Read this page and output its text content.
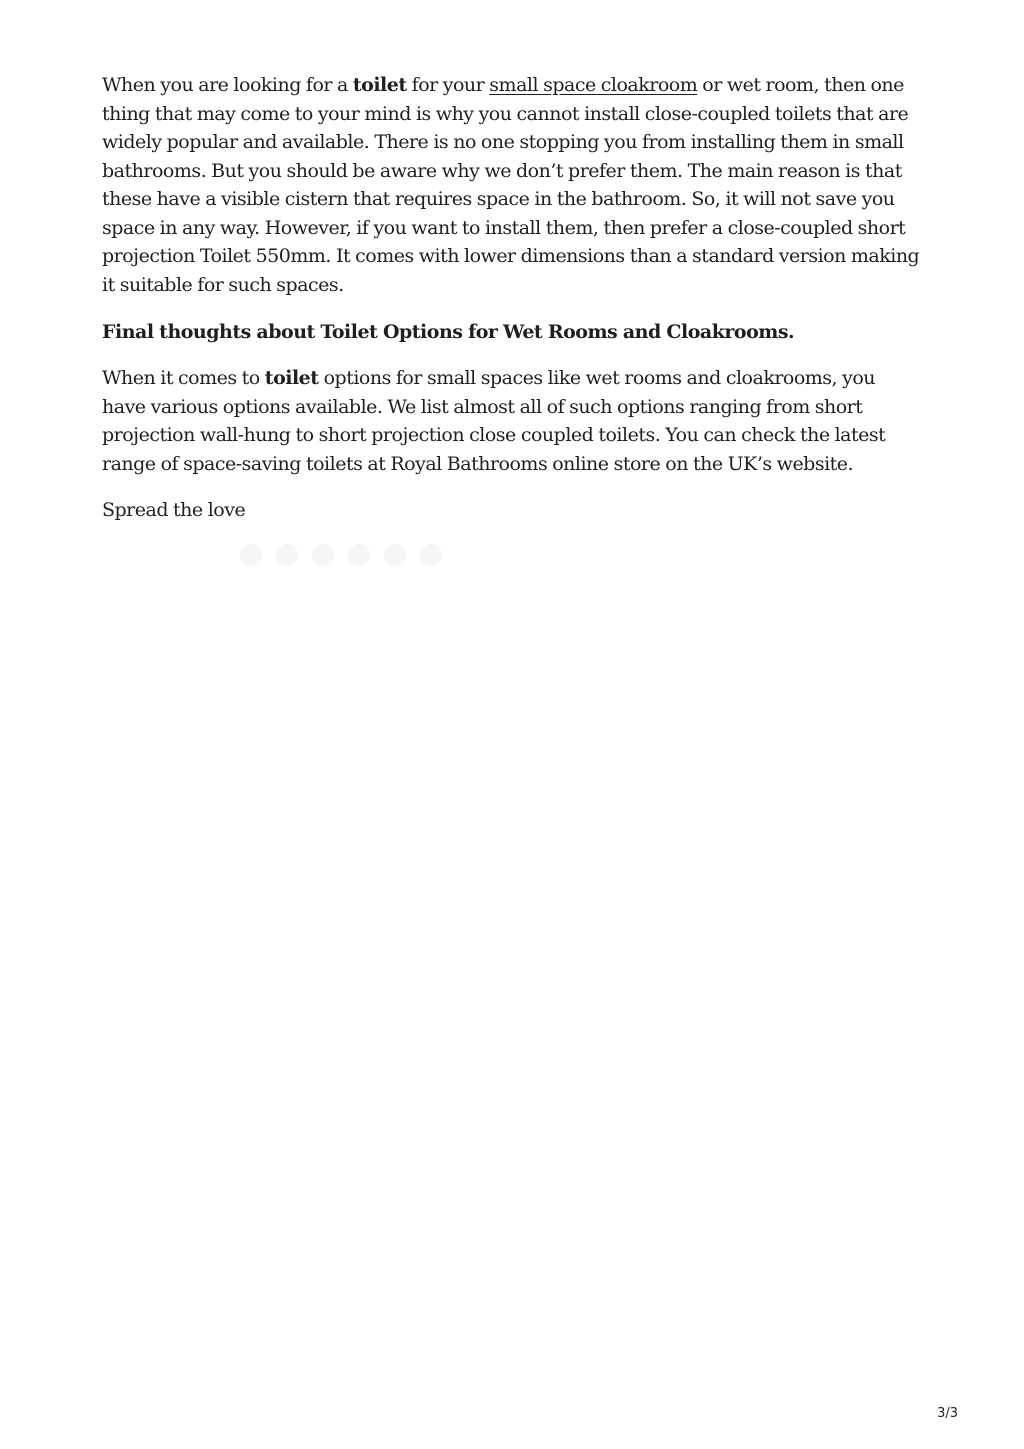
When you are looking for a toilet for your small space cloakroom or wet room, then one thing that may come to your mind is why you cannot install close-coupled toilets that are widely popular and available. There is no one stopping you from installing them in small bathrooms. But you should be aware why we don’t prefer them. The main reason is that these have a visible cistern that requires space in the bathroom. So, it will not save you space in any way. However, if you want to install them, then prefer a close-coupled short projection Toilet 550mm. It comes with lower dimensions than a standard version making it suitable for such spaces.

Final thoughts about Toilet Options for Wet Rooms and Cloakrooms.

When it comes to toilet options for small spaces like wet rooms and cloakrooms, you have various options available. We list almost all of such options ranging from short projection wall-hung to short projection close coupled toilets. You can check the latest range of space-saving toilets at Royal Bathrooms online store on the UK’s website.

Spread the love

3/3
